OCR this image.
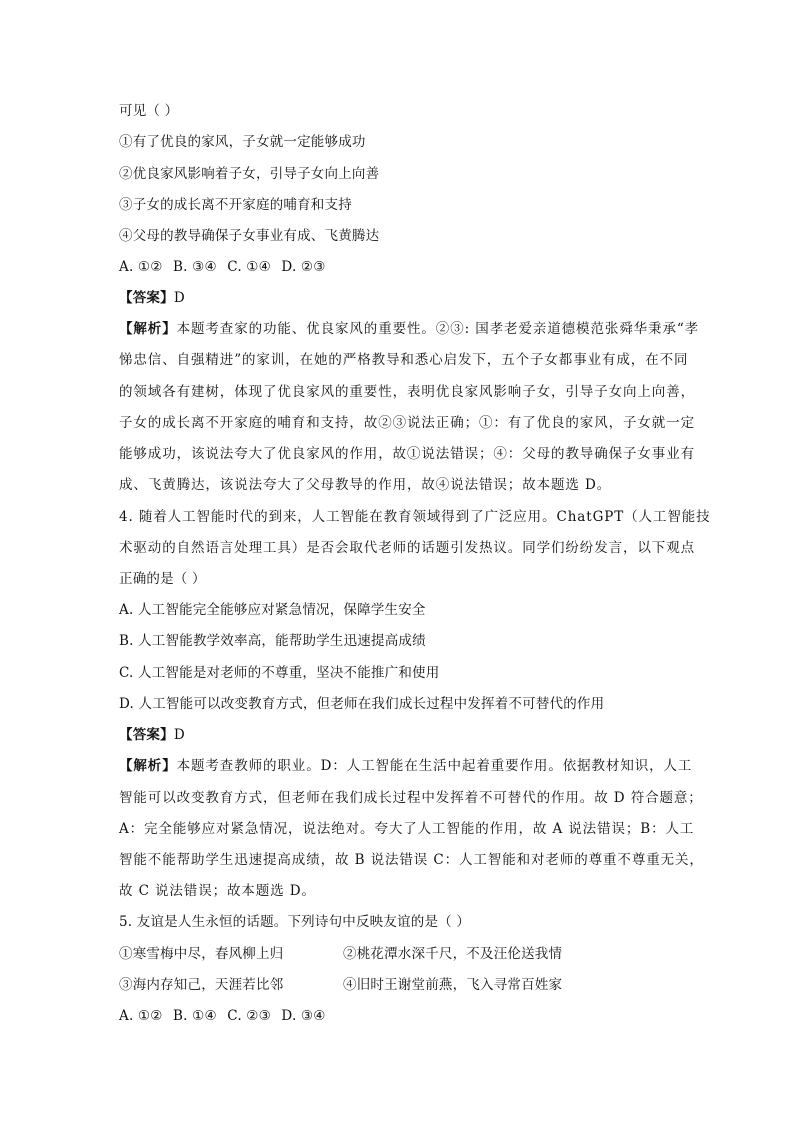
可见（ ）
①有了优良的家风，子女就一定能够成功
②优良家风影响着子女，引导子女向上向善
③子女的成长离不开家庭的哺育和支持
④父母的教导确保子女事业有成、飞黄腾达
A. ①② B. ③④ C. ①④ D. ②③
【答案】D
【解析】本题考查家的功能、优良家风的重要性。②③: 国孝老爱亲道德模范张舜华秉承“孝
悌忠信、自强精进”的家训，在她的严格教导和悉心启发下，五个子女都事业有成，在不同
的领域各有建树，体现了优良家风的重要性，表明优良家风影响子女，引导子女向上向善，
子女的成长离不开家庭的哺育和支持，故②③说法正确；①：有了优良的家风，子女就一定
能够成功，该说法夸大了优良家风的作用，故①说法错误；④：父母的教导确保子女事业有
成、飞黄腾达，该说法夸大了父母教导的作用，故④说法错误；故本题选 D。
4. 随着人工智能时代的到来，人工智能在教育领域得到了广泛应用。ChatGPT（人工智能技
术驱动的自然语言处理工具）是否会取代老师的话题引发热议。同学们纷纷发言，以下观点
正确的是（ ）
A. 人工智能完全能够应对紧急情况，保障学生安全
B. 人工智能教学效率高，能帮助学生迅速提高成绩
C. 人工智能是对老师的不尊重，坚决不能推广和使用
D. 人工智能可以改变教育方式，但老师在我们成长过程中发挥着不可替代的作用
【答案】D
【解析】本题考查教师的职业。D：人工智能在生活中起着重要作用。依据教材知识，人工
智能可以改变教育方式，但老师在我们成长过程中发挥着不可替代的作用。故 D 符合题意；
A：完全能够应对紧急情况，说法绝对。夸大了人工智能的作用，故 A 说法错误；B：人工
智能不能帮助学生迅速提高成绩，故 B 说法错误 C：人工智能和对老师的尊重不尊重无关，
故 C 说法错误；故本题选 D。
5. 友谊是人生永恒的话题。下列诗句中反映友谊的是（ ）
①寒雪梅中尽，春风柳上归	②桃花潭水深千尺，不及汪伦送我情
③海内存知己，天涯若比邻	④旧时王谢堂前燕，飞入寻常百姓家
A. ①② B. ①④ C. ②③ D. ③④
